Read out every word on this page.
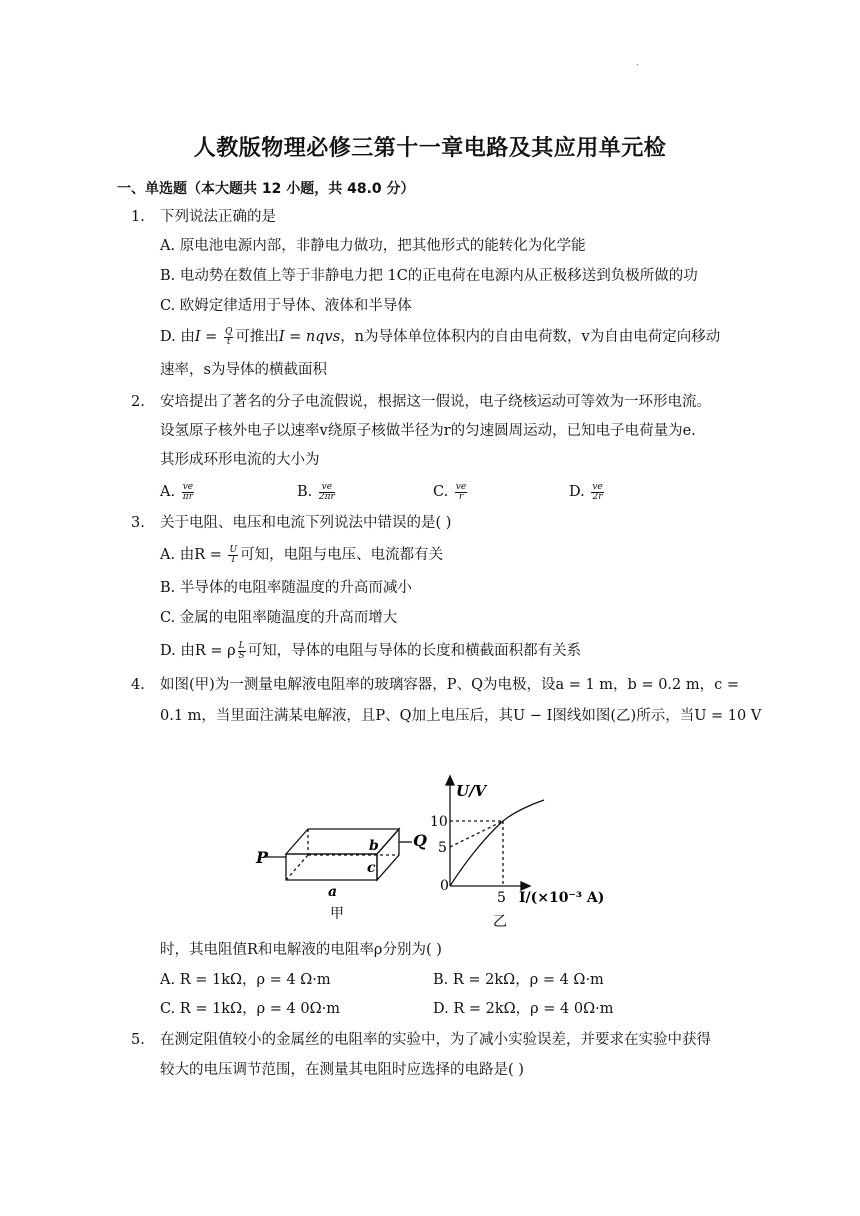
.
人教版物理必修三第十一章电路及其应用单元检
一、单选题（本大题共 12 小题，共 48.0 分）
1. 下列说法正确的是
A. 原电池电源内部，非静电力做功，把其他形式的能转化为化学能
B. 电动势在数值上等于非静电力把 1C的正电荷在电源内从正极移送到负极所做的功
C. 欧姆定律适用于导体、液体和半导体
D. 由$I = \frac{Q}{t}$ 可推出I = nqvs，n为导体单位体积内的自由电荷数，v为自由电荷定向移动
速率，s为导体的横截面积
2. 安培提出了著名的分子电流假说，根据这一假说，电子绕核运动可等效为一环形电流。
设氢原子核外电子以速率v绕原子核做半径为r的匀速圆周运动，已知电子电荷量为e.
其形成环形电流的大小为
A. $\frac{ve}{\pi r}$	B. $\frac{ve}{2\pi r}$	C. $\frac{ve}{r}$	D. $\frac{ve}{2r}$
3. 关于电阻、电压和电流下列说法中错误的是( )
A. 由$R = \frac{U}{I}$ 可知，电阻与电压、电流都有关
B. 半导体的电阻率随温度的升高而减小
C. 金属的电阻率随温度的升高而增大
D. 由R = ρ $\frac{L}{S}$ 可知，导体的电阻与导体的长度和横截面积都有关系
4. 如图(甲)为一测量电解液电阻率的玻璃容器，P、Q为电极，设a = 1 m，b = 0.2 m，c =
0.1 m，当里面注满某电解液，且P、Q加上电压后，其U − I图线如图(乙)所示，当U = 10 V
P
Q
b
c
a
甲
U/V
10
5
0
5 I/(×10⁻³ A)
乙
时，其电阻值R和电解液的电阻率ρ分别为( )
A. R = 1kΩ，ρ = 4 Ω·m	B. R = 2kΩ，ρ = 4 Ω·m
C. R = 1kΩ，ρ = 4 0Ω·m	D. R = 2kΩ，ρ = 4 0Ω·m
5. 在测定阻值较小的金属丝的电阻率的实验中，为了减小实验误差，并要求在实验中获得
较大的电压调节范围，在测量其电阻时应选择的电路是( )
